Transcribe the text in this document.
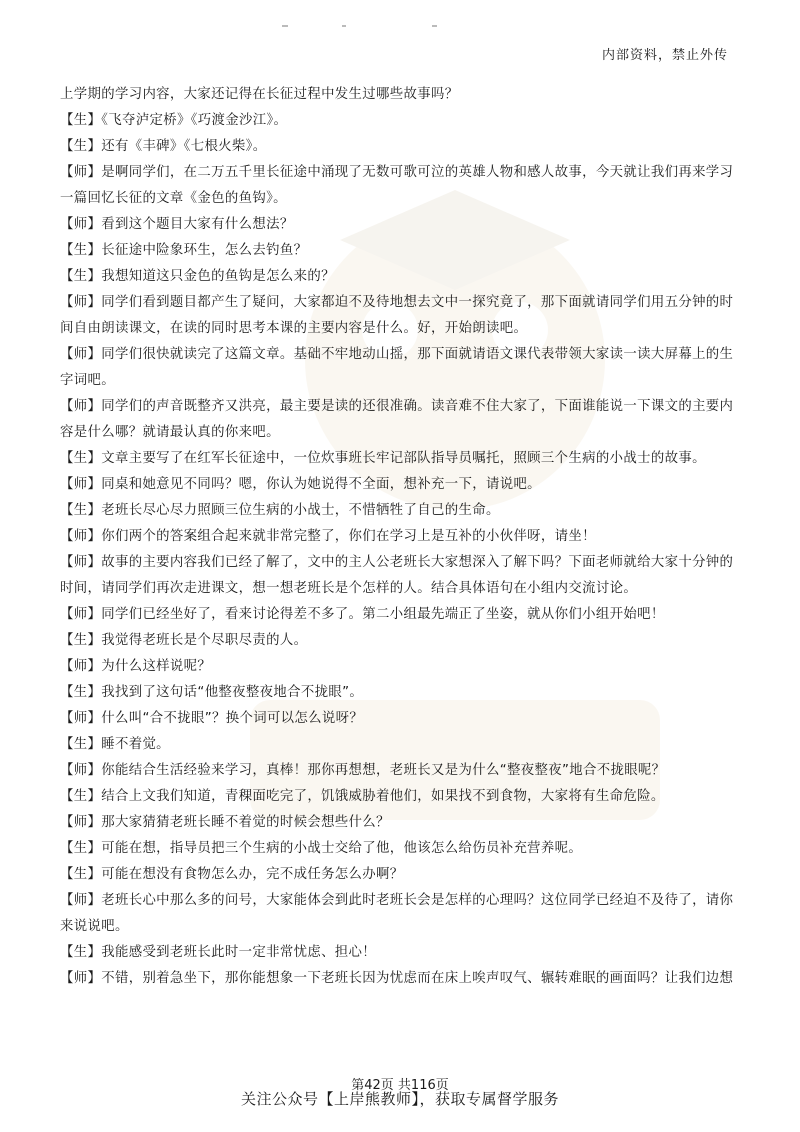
内部资料，禁止外传
上学期的学习内容，大家还记得在长征过程中发生过哪些故事吗？
【生】《飞夺泸定桥》《巧渡金沙江》。
【生】还有《丰碑》《七根火柴》。
【师】是啊同学们，在二万五千里长征途中涌现了无数可歌可泣的英雄人物和感人故事，今天就让我们再来学习
一篇回忆长征的文章《金色的鱼钩》。
【师】看到这个题目大家有什么想法？
【生】长征途中险象环生，怎么去钓鱼？
【生】我想知道这只金色的鱼钩是怎么来的？
【师】同学们看到题目都产生了疑问，大家都迫不及待地想去文中一探究竟了，那下面就请同学们用五分钟的时
间自由朗读课文，在读的同时思考本课的主要内容是什么。好，开始朗读吧。
【师】同学们很快就读完了这篇文章。基础不牢地动山摇，那下面就请语文课代表带领大家读一读大屏幕上的生
字词吧。
【师】同学们的声音既整齐又洪亮，最主要是读的还很准确。读音难不住大家了，下面谁能说一下课文的主要内
容是什么哪？就请最认真的你来吧。
【生】文章主要写了在红军长征途中，一位炊事班长牢记部队指导员嘱托，照顾三个生病的小战士的故事。
【师】同桌和她意见不同吗？嗯，你认为她说得不全面，想补充一下，请说吧。
【生】老班长尽心尽力照顾三位生病的小战士，不惜牺牲了自己的生命。
【师】你们两个的答案组合起来就非常完整了，你们在学习上是互补的小伙伴呀，请坐！
【师】故事的主要内容我们已经了解了，文中的主人公老班长大家想深入了解下吗？下面老师就给大家十分钟的
时间，请同学们再次走进课文，想一想老班长是个怎样的人。结合具体语句在小组内交流讨论。
【师】同学们已经坐好了，看来讨论得差不多了。第二小组最先端正了坐姿，就从你们小组开始吧！
【生】我觉得老班长是个尽职尽责的人。
【师】为什么这样说呢？
【生】我找到了这句话“他整夜整夜地合不拢眼”。
【师】什么叫“合不拢眼”？换个词可以怎么说呀？
【生】睡不着觉。
【师】你能结合生活经验来学习，真棒！那你再想想，老班长又是为什么“整夜整夜”地合不拢眼呢？
【生】结合上文我们知道，青稞面吃完了，饥饿威胁着他们，如果找不到食物，大家将有生命危险。
【师】那大家猜猜老班长睡不着觉的时候会想些什么？
【生】可能在想，指导员把三个生病的小战士交给了他，他该怎么给伤员补充营养呢。
【生】可能在想没有食物怎么办，完不成任务怎么办啊？
【师】老班长心中那么多的问号，大家能体会到此时老班长会是怎样的心理吗？这位同学已经迫不及待了，请你
来说说吧。
【生】我能感受到老班长此时一定非常忧虑、担心！
【师】不错，别着急坐下，那你能想象一下老班长因为忧虑而在床上唉声叹气、辗转难眠的画面吗？让我们边想
第42页 共116页
关注公众号【上岸熊教师】，获取专属督学服务
